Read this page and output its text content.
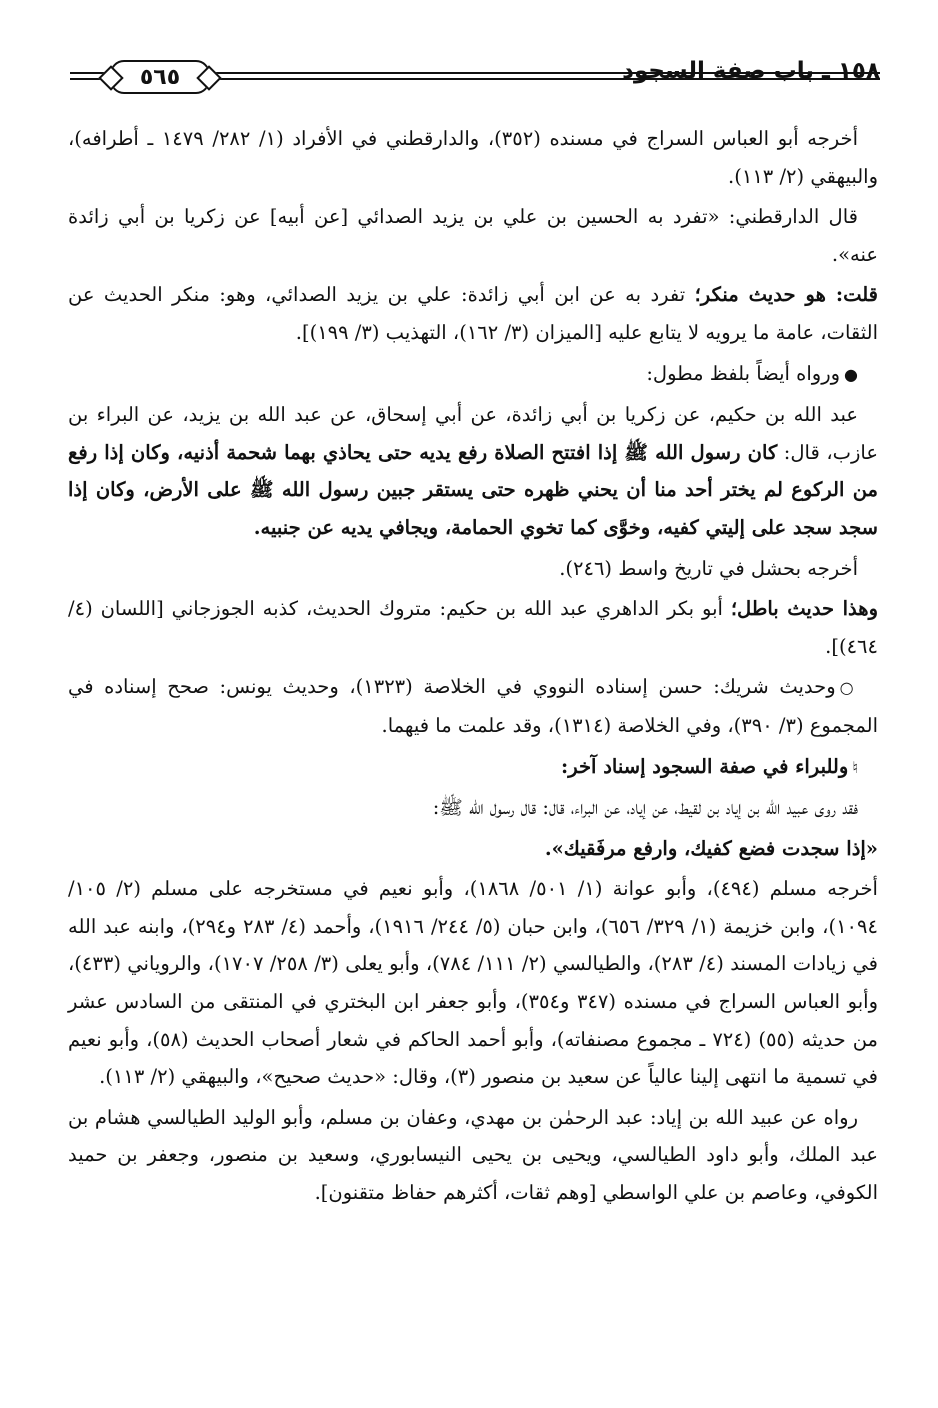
١٥٨ ـ باب صفة السجود
٥٦٥

أخرجه أبو العباس السراج في مسنده (٣٥٢)، والدارقطني في الأفراد (١/ ٢٨٢/ ١٤٧٩ ـ أطرافه)، والبيهقي (٢/ ١١٣).

قال الدارقطني: «تفرد به الحسين بن علي بن يزيد الصدائي [عن أبيه] عن زكريا بن أبي زائدة عنه».

قلت: هو حديث منكر؛ تفرد به عن ابن أبي زائدة: علي بن يزيد الصدائي، وهو: منكر الحديث عن الثقات، عامة ما يرويه لا يتابع عليه [الميزان (٣/ ١٦٢)، التهذيب (٣/ ١٩٩)].

●ورواه أيضاً بلفظ مطول:

عبد الله بن حكيم، عن زكريا بن أبي زائدة، عن أبي إسحاق، عن عبد الله بن يزيد، عن البراء بن عازب، قال: كان رسول الله ﷺ إذا افتتح الصلاة رفع يديه حتى يحاذي بهما شحمة أذنيه، وكان إذا رفع من الركوع لم يختر أحد منا أن يحني ظهره حتى يستقر جبين رسول الله ﷺ على الأرض، وكان إذا سجد سجد على إليتي كفيه، وخوَّى كما تخوي الحمامة، ويجافي يديه عن جنبيه.

أخرجه بحشل في تاريخ واسط (٢٤٦).

وهذا حديث باطل؛ أبو بكر الداهري عبد الله بن حكيم: متروك الحديث، كذبه الجوزجاني [اللسان (٤/ ٤٦٤)].

○وحديث شريك: حسن إسناده النووي في الخلاصة (١٣٢٣)، وحديث يونس: صحح إسناده في المجموع (٣/ ٣٩٠)، وفي الخلاصة (١٣١٤)، وقد علمت ما فيهما.

♮وللبراء في صفة السجود إسناد آخر:

فقد روى عبيد الله بن إياد بن لقيط، عن إياد، عن البراء، قال: قال رسول الله ﷺ:

«إذا سجدت فضع كفيك، وارفع مرفَقيك».

أخرجه مسلم (٤٩٤)، وأبو عوانة (١/ ٥٠١/ ١٨٦٨)، وأبو نعيم في مستخرجه على مسلم (٢/ ١٠٥/ ١٠٩٤)، وابن خزيمة (١/ ٣٢٩/ ٦٥٦)، وابن حبان (٥/ ٢٤٤/ ١٩١٦)، وأحمد (٤/ ٢٨٣ و٢٩٤)، وابنه عبد الله في زيادات المسند (٤/ ٢٨٣)، والطيالسي (٢/ ١١١/ ٧٨٤)، وأبو يعلى (٣/ ٢٥٨/ ١٧٠٧)، والروياني (٤٣٣)، وأبو العباس السراج في مسنده (٣٤٧ و٣٥٤)، وأبو جعفر ابن البختري في المنتقى من السادس عشر من حديثه (٥٥) (٧٢٤ ـ مجموع مصنفاته)، وأبو أحمد الحاكم في شعار أصحاب الحديث (٥٨)، وأبو نعيم في تسمية ما انتهى إلينا عالياً عن سعيد بن منصور (٣)، وقال: «حديث صحيح»، والبيهقي (٢/ ١١٣).

رواه عن عبيد الله بن إياد: عبد الرحمٰن بن مهدي، وعفان بن مسلم، وأبو الوليد الطيالسي هشام بن عبد الملك، وأبو داود الطيالسي، ويحيى بن يحيى النيسابوري، وسعيد بن منصور، وجعفر بن حميد الكوفي، وعاصم بن علي الواسطي [وهم ثقات، أكثرهم حفاظ متقنون].
